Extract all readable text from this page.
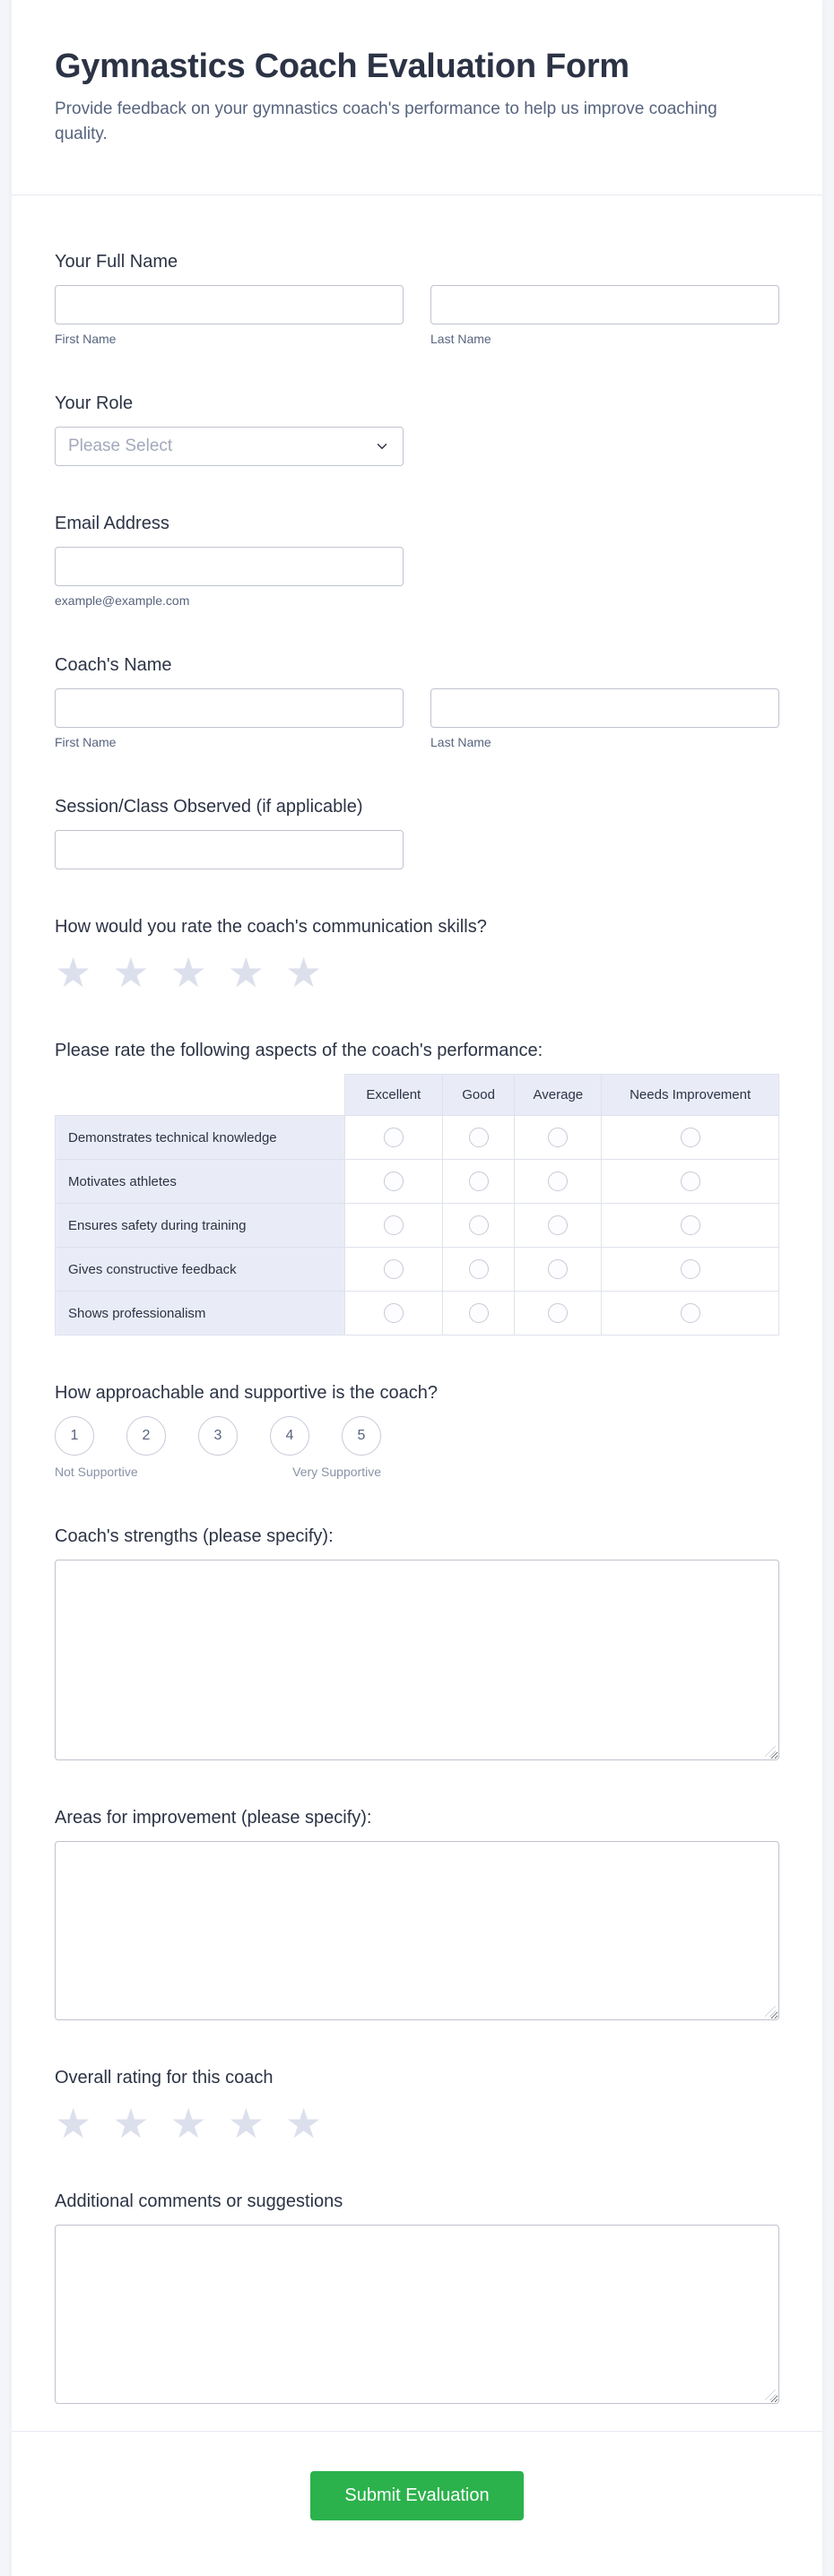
Gymnastics Coach Evaluation Form

Provide feedback on your gymnastics coach's performance to help us improve coaching quality.

Your Full Name
First Name	Last Name
Your Role
Please Select
Email Address
example@example.com
Coach's Name
First Name	Last Name
Session/Class Observed (if applicable)
How would you rate the coach's communication skills?
★ ★ ★ ★ ★
Please rate the following aspects of the coach's performance:
	Excellent	Good	Average	Needs Improvement
Demonstrates technical knowledge				
Motivates athletes				
Ensures safety during training				
Gives constructive feedback				
Shows professionalism				
How approachable and supportive is the coach?
1	2	3	4	5
Not Supportive	Very Supportive
Coach's strengths (please specify):
Areas for improvement (please specify):
Overall rating for this coach
★ ★ ★ ★ ★
Additional comments or suggestions
Submit Evaluation
